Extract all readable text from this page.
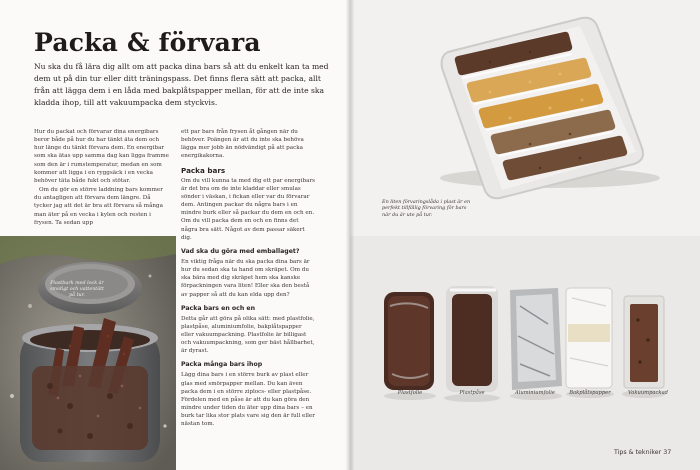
Packa & förvara
Nu ska du få lära dig allt om att packa dina bars så att du enkelt kan ta med dem ut på din tur eller ditt träningspass. Det finns flera sätt att packa, allt från att lägga dem i en låda med bakplåtspapper mellan, för att de inte ska kladda ihop, till att vakuumpacka dem styckvis.

Hur du packat och förvarar dina energibars beror både på hur du har tänkt äta dem och hur länge du tänkt förvara dem. En energibar som ska ätas upp samma dag kan ligga framme som den är i rumstemperatur, medan en som kommer att ligga i en ryggsäck i en vecka behöver täta både fukt och stötar.

Om du gör en större laddning bars kommer du antagligen att förvara dem längre. Då tycker jag att det är bra att förvara så många man äter på en vecka i kylen och resten i frysen. Ta sedan upp

ett par bars från frysen åt gången när du behöver. Poängen är att du inte ska behöva lägga mer jobb än nödvändigt på att packa energikakorna.

Packa bars

Om du vill kunna ta med dig ett par energibars är det bra om de inte kladdar eller smulas sönder i väskan, i fickan eller var du förvarar dem. Antingen packar du några bars i en mindre burk eller så packar du dem en och en. Om du vill packa dem en och en finns det några bra sätt. Något av dem passar säkert dig.

Vad ska du göra med emballaget?

En viktig fråga när du ska packa dina bars är hur du sedan ska ta hand om skräpet. Om du ska bära med dig skräpet hem ska kanske förpackningen vara liten! Eller ska den bestå av papper så att du kan elda upp den?

Packa bars en och en

Detta går att göra på olika sätt: med plastfolie, plastpåse, aluminiumfolie, bakplåtspapper eller vakuumpackning. Plastfolie är billigast och vakuumpackning, som ger bäst hållbarhet, är dyrast.

Packa många bars ihop

Lägg dina bars i en större burk av plast eller glas med smörpapper mellan. Du kan även packa dem i en större ziplocs- eller plastpåse. Fördelen med en påse är att du kan göra den mindre under tiden du äter upp dina bars – en burk tar lika stor plats vare sig den är full eller nästan tom.

Plastburk med lock är smidigt och vattentätt på tur.
En liten förvaringslåda i plast är en perfekt tillfällig förvaring för bars när du är ute på tur.
Plastfolie	Plastpåse	Aluminiumfolie	Bakplåtspapper	Vakuumpackad
Tips & tekniker 37
